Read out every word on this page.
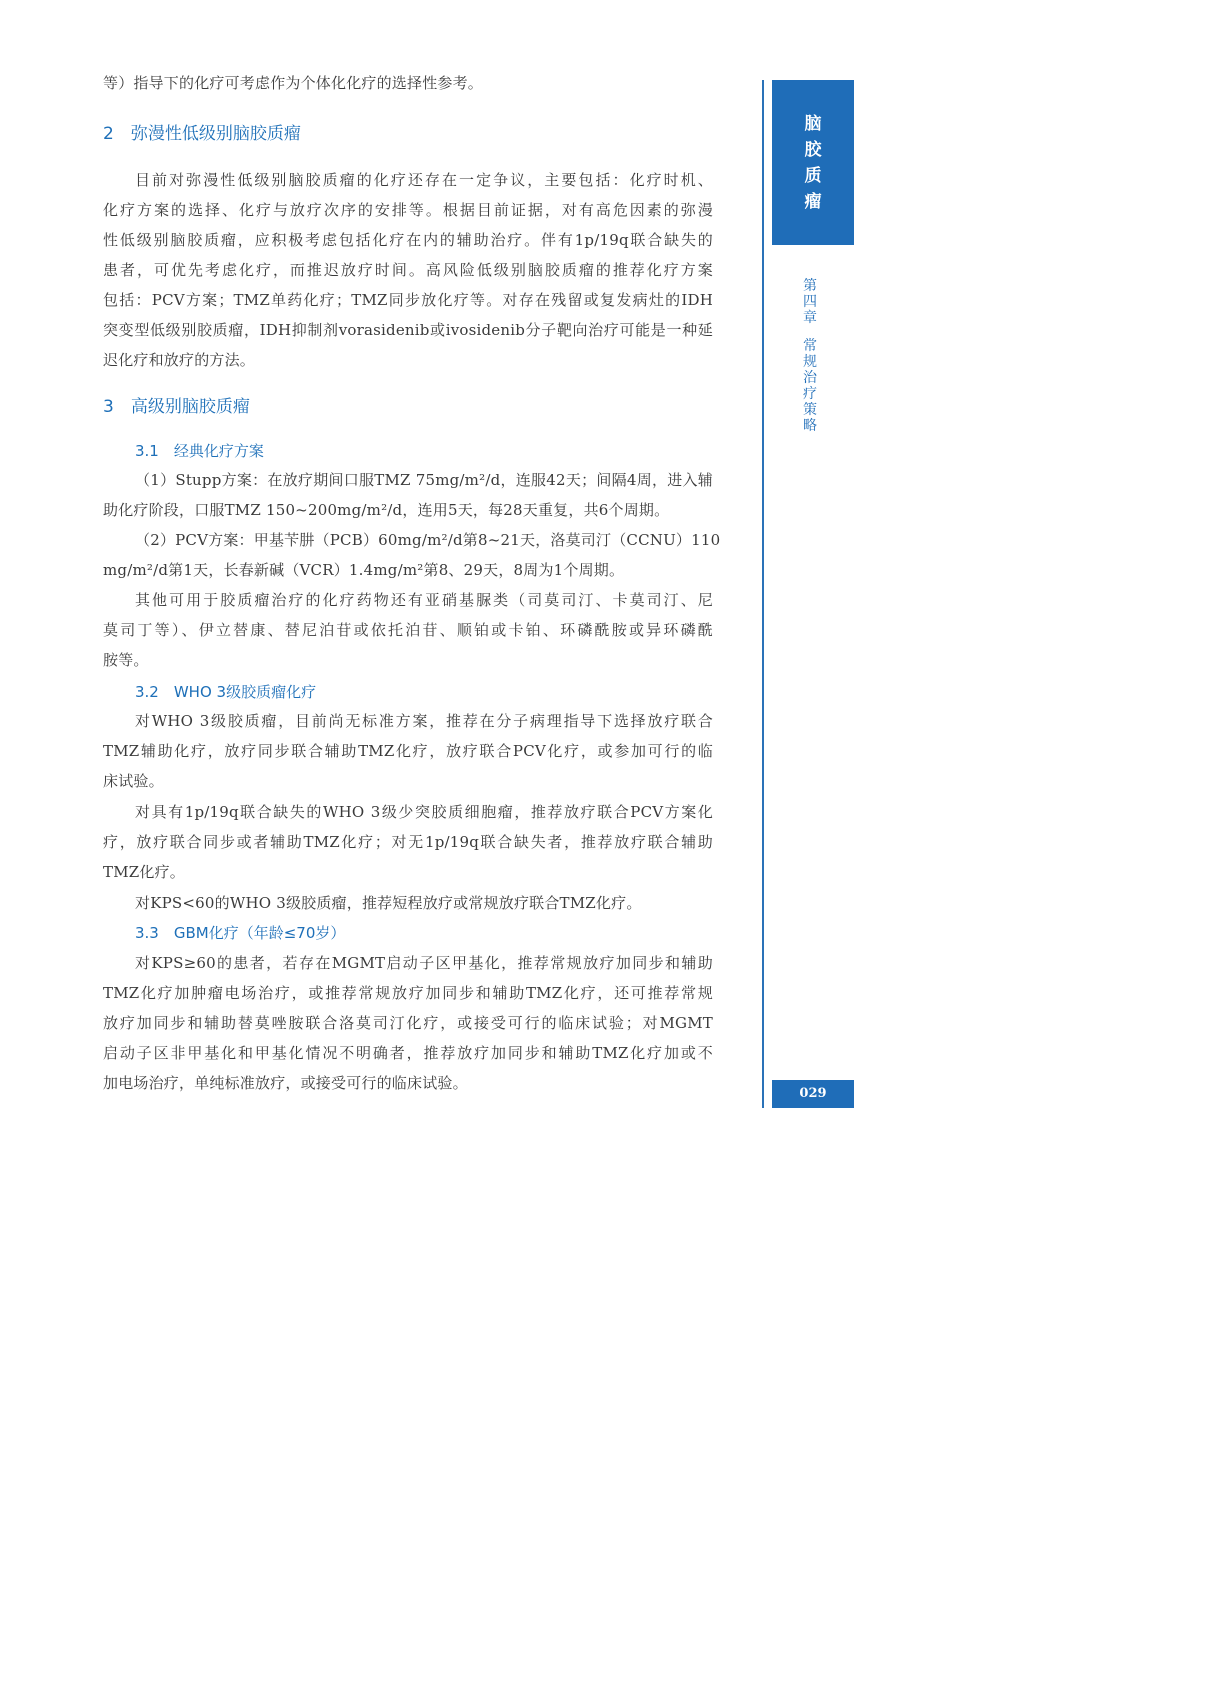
等）指导下的化疗可考虑作为个体化化疗的选择性参考。
2　弥漫性低级别脑胶质瘤
目前对弥漫性低级别脑胶质瘤的化疗还存在一定争议，主要包括：化疗时机、
化疗方案的选择、化疗与放疗次序的安排等。根据目前证据，对有高危因素的弥漫
性低级别脑胶质瘤，应积极考虑包括化疗在内的辅助治疗。伴有1p/19q联合缺失的
患者，可优先考虑化疗，而推迟放疗时间。高风险低级别脑胶质瘤的推荐化疗方案
包括：PCV方案；TMZ单药化疗；TMZ同步放化疗等。对存在残留或复发病灶的IDH
突变型低级别胶质瘤，IDH抑制剂vorasidenib或ivosidenib分子靶向治疗可能是一种延
迟化疗和放疗的方法。
3　高级别脑胶质瘤
3.1　经典化疗方案
（1）Stupp方案：在放疗期间口服TMZ 75mg/m²/d，连服42天；间隔4周，进入辅
助化疗阶段，口服TMZ 150~200mg/m²/d，连用5天，每28天重复，共6个周期。
（2）PCV方案：甲基苄肼（PCB）60mg/m²/d第8~21天，洛莫司汀（CCNU）110
mg/m²/d第1天，长春新碱（VCR）1.4mg/m²第8、29天，8周为1个周期。
其他可用于胶质瘤治疗的化疗药物还有亚硝基脲类（司莫司汀、卡莫司汀、尼
莫司丁等）、伊立替康、替尼泊苷或依托泊苷、顺铂或卡铂、环磷酰胺或异环磷酰
胺等。
3.2　WHO 3级胶质瘤化疗
对WHO 3级胶质瘤，目前尚无标准方案，推荐在分子病理指导下选择放疗联合
TMZ辅助化疗，放疗同步联合辅助TMZ化疗，放疗联合PCV化疗，或参加可行的临
床试验。
对具有1p/19q联合缺失的WHO 3级少突胶质细胞瘤，推荐放疗联合PCV方案化
疗，放疗联合同步或者辅助TMZ化疗；对无1p/19q联合缺失者，推荐放疗联合辅助
TMZ化疗。
对KPS<60的WHO 3级胶质瘤，推荐短程放疗或常规放疗联合TMZ化疗。
3.3　GBM化疗（年龄≤70岁）
对KPS≥60的患者，若存在MGMT启动子区甲基化，推荐常规放疗加同步和辅助
TMZ化疗加肿瘤电场治疗，或推荐常规放疗加同步和辅助TMZ化疗，还可推荐常规
放疗加同步和辅助替莫唑胺联合洛莫司汀化疗，或接受可行的临床试验；对MGMT
启动子区非甲基化和甲基化情况不明确者，推荐放疗加同步和辅助TMZ化疗加或不
加电场治疗，单纯标准放疗，或接受可行的临床试验。
脑
胶
质
瘤
第
四
章
常
规
治
疗
策
略
029
